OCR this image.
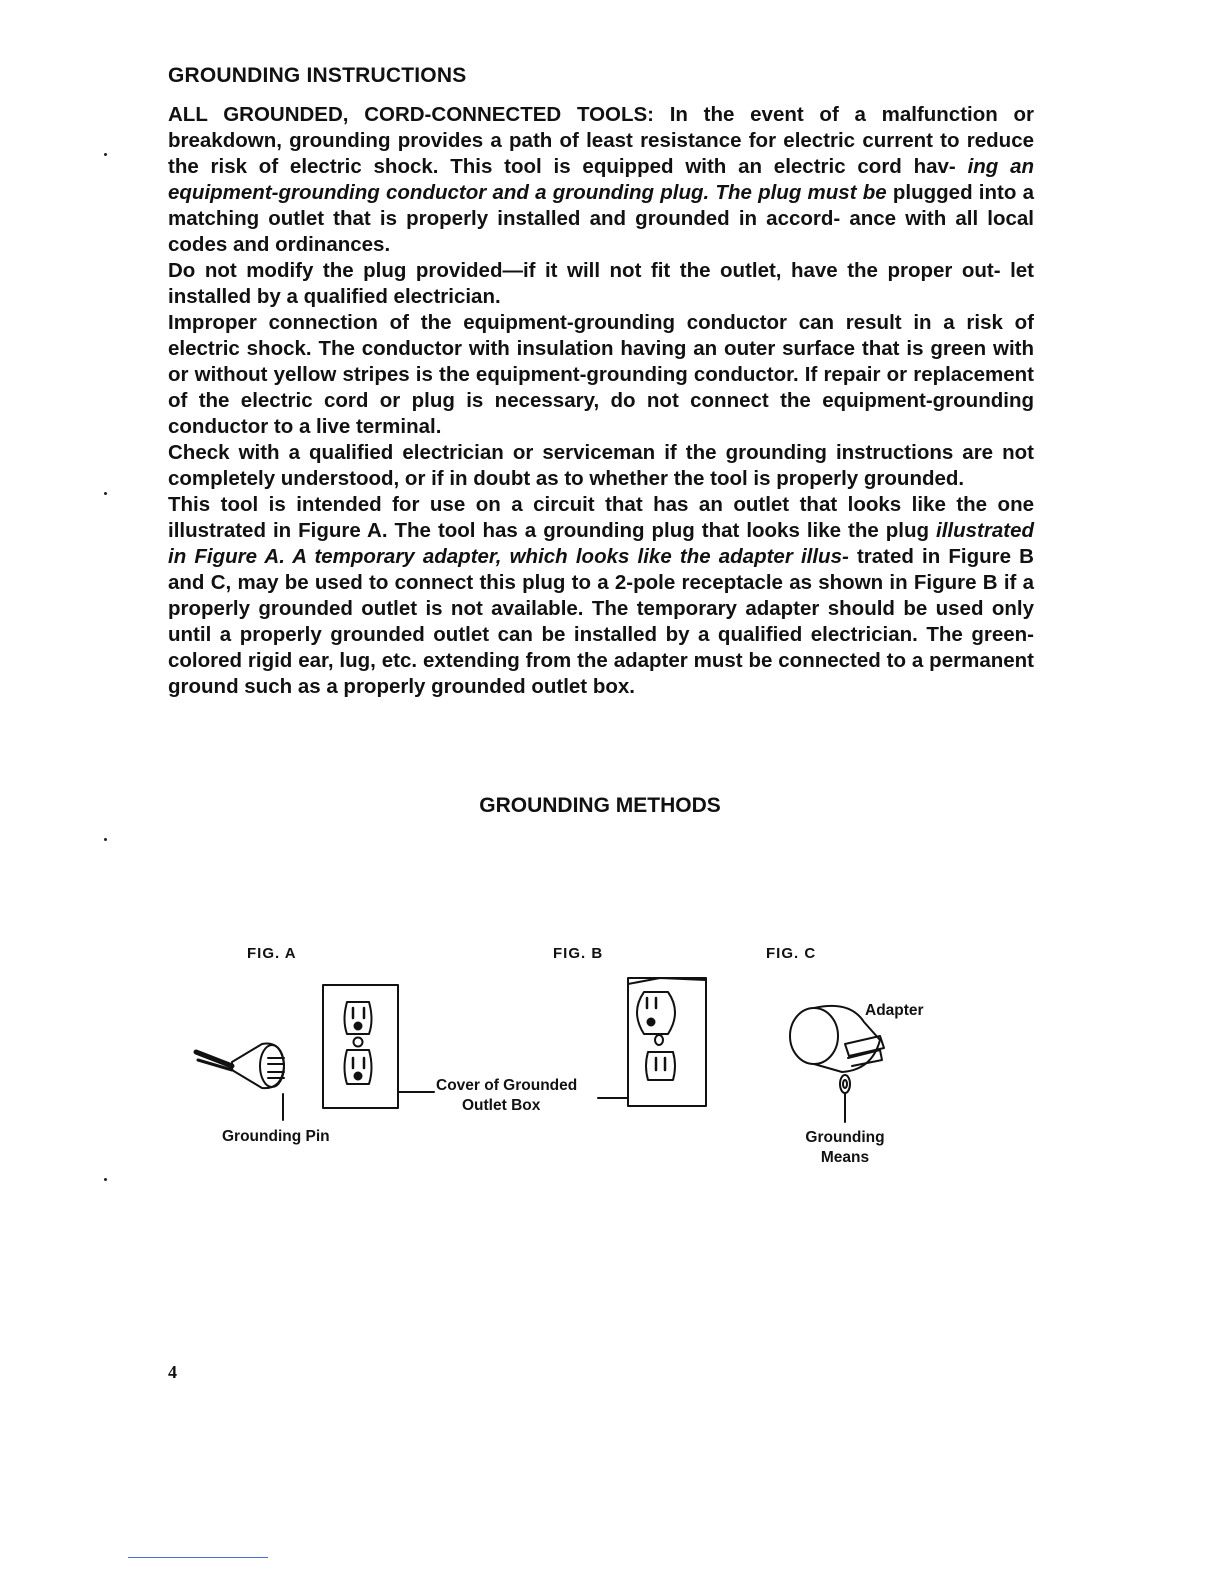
GROUNDING INSTRUCTIONS

ALL GROUNDED, CORD-CONNECTED TOOLS: In the event of a malfunction or breakdown, grounding provides a path of least resistance for electric current to reduce the risk of electric shock. This tool is equipped with an electric cord hav- ing an equipment-grounding conductor and a grounding plug. The plug must be plugged into a matching outlet that is properly installed and grounded in accord- ance with all local codes and ordinances.

Do not modify the plug provided—if it will not fit the outlet, have the proper out- let installed by a qualified electrician.

Improper connection of the equipment-grounding conductor can result in a risk of electric shock. The conductor with insulation having an outer surface that is green with or without yellow stripes is the equipment-grounding conductor. If repair or replacement of the electric cord or plug is necessary, do not connect the equipment-grounding conductor to a live terminal.

Check with a qualified electrician or serviceman if the grounding instructions are not completely understood, or if in doubt as to whether the tool is properly grounded.

This tool is intended for use on a circuit that has an outlet that looks like the one illustrated in Figure A. The tool has a grounding plug that looks like the plug illustrated in Figure A. A temporary adapter, which looks like the adapter illus- trated in Figure B and C, may be used to connect this plug to a 2-pole receptacle as shown in Figure B if a properly grounded outlet is not available. The temporary adapter should be used only until a properly grounded outlet can be installed by a qualified electrician. The green-colored rigid ear, lug, etc. extending from the adapter must be connected to a permanent ground such as a properly grounded outlet box.

GROUNDING METHODS
FIG. A	FIG. B	FIG. C
Grounding Pin
Cover of Grounded
Outlet Box
Adapter
Grounding
Means
4
